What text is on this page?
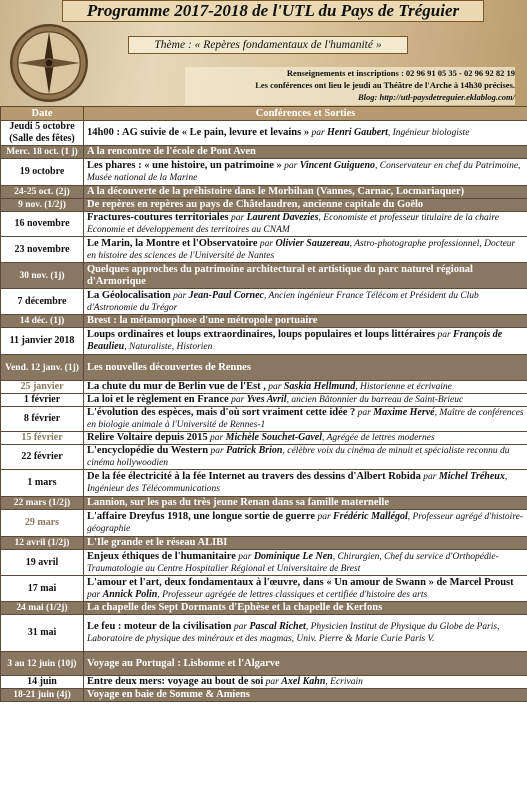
Programme 2017-2018 de l'UTL du Pays de Tréguier
Thème : « Repères fondamentaux de l'humanité »
Renseignements et inscriptions : 02 96 91 05 35 - 02 96 92 82 19
Les conférences ont lieu le jeudi au Théâtre de l'Arche à 14h30 précises.
Blog: http://utl-paysdetreguier.eklablog.com/
Date	Conférences et Sorties
Jeudi 5 octobre (Salle des fêtes)	14h00 : AG suivie de « Le pain, levure et levains » par Henri Gaubert, Ingénieur biologiste
Merc. 18 oct. (1 j)	A la rencontre de l'école de Pont Aven
19 octobre	Les phares : « une histoire, un patrimoine » par Vincent Guigueno, Conservateur en chef du Patrimoine, Musée national de la Marine
24-25 oct. (2j)	A la découverte de la préhistoire dans le Morbihan (Vannes, Carnac, Locmariaquer)
9 nov. (1/2j)	De repères en repères au pays de Châtelaudren, ancienne capitale du Goëlo
16 novembre	Fractures-coutures territoriales par Laurent Davezies, Economiste et professeur titulaire de la chaire Economie et développement des territoires au CNAM
23 novembre	Le Marin, la Montre et l'Observatoire par Olivier Sauzereau, Astro-photographe professionnel, Docteur en histoire des sciences de l'Université de Nantes
30 nov. (1j)	Quelques approches du patrimoine architectural et artistique du parc naturel régional d'Armorique
7 décembre	La Géolocalisation par Jean-Paul Cornec, Ancien ingénieur France Télécom et Président du Club d'Astronomie du Trégor
14 déc. (1j)	Brest : la métamorphose d'une métropole portuaire
11 janvier 2018	Loups ordinaires et loups extraordinaires, loups populaires et loups littéraires par François de Beaulieu, Naturaliste, Historien
Vend. 12 janv. (1j)	Les nouvelles découvertes de Rennes
25 janvier	La chute du mur de Berlin vue de l'Est , par Saskia Hellmund, Historienne et écrivaine
1 février	La loi et le règlement en France par Yves Avril, ancien Bâtonnier du barreau de Saint-Brieuc
8 février	L'évolution des espèces, mais d'où sort vraiment cette idée ? par Maxime Hervé, Maître de conférences en biologie animale à l'Université de Rennes-1
15 février	Relire Voltaire depuis 2015 par Michèle Souchet-Gavel, Agrégée de lettres modernes
22 février	L'encyclopédie du Western par Patrick Brion, célèbre voix du cinéma de minuit et spécialiste reconnu du cinéma hollywoodien
1 mars	De la fée électricité à la fée Internet au travers des dessins d'Albert Robida par Michel Tréheux, Ingénieur des Télécommunications
22 mars (1/2j)	Lannion, sur les pas du très jeune Renan dans sa famille maternelle
29 mars	L'affaire Dreyfus 1918, une longue sortie de guerre par Frédéric Mallégol, Professeur agrégé d'histoire-géographie
12 avril (1/2j)	L'Ile grande et le réseau ALIBI
19 avril	Enjeux éthiques de l'humanitaire par Dominique Le Nen, Chirurgien, Chef du service d'Orthopédie-Traumatologie au Centre Hospitalier Régional et Universitaire de Brest
17 mai	L'amour et l'art, deux fondamentaux à l'œuvre, dans « Un amour de Swann » de Marcel Proust par Annick Polin, Professeur agrégée de lettres classiques et certifiée d'histoire des arts
24 mai (1/2j)	La chapelle des Sept Dormants d'Ephèse et la chapelle de Kerfons
31 mai	Le feu : moteur de la civilisation par Pascal Richet, Physicien Institut de Physique du Globe de Paris, Laboratoire de physique des minéraux et des magmas, Univ. Pierre & Marie Curie Paris V.
3 au 12 juin (10j)	Voyage au Portugal : Lisbonne et l'Algarve
14 juin	Entre deux mers: voyage au bout de soi par Axel Kahn, Ecrivain
18-21 juin (4j)	Voyage en baie de Somme & Amiens
